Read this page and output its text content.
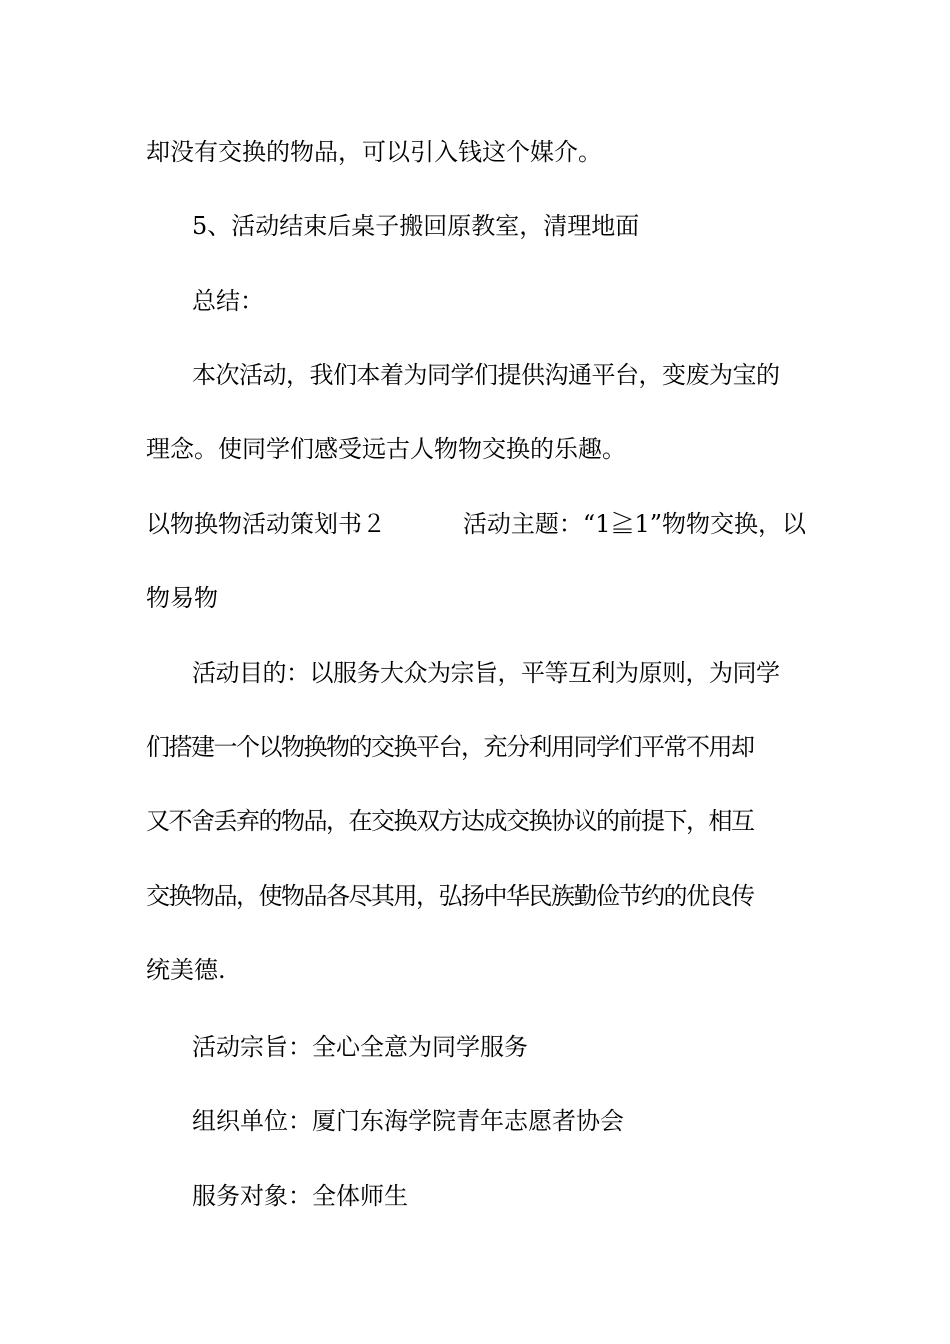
却没有交换的物品，可以引入钱这个媒介。
5、活动结束后桌子搬回原教室，清理地面
总结：
本次活动，我们本着为同学们提供沟通平台，变废为宝的
理念。使同学们感受远古人物物交换的乐趣。
以物换物活动策划书２	活动主题：“1≧1”物物交换，以
物易物
活动目的：以服务大众为宗旨，平等互利为原则，为同学
们搭建一个以物换物的交换平台，充分利用同学们平常不用却
又不舍丢弃的物品，在交换双方达成交换协议的前提下，相互
交换物品，使物品各尽其用，弘扬中华民族勤俭节约的优良传
统美德.
活动宗旨：全心全意为同学服务
组织单位：厦门东海学院青年志愿者协会
服务对象：全体师生
